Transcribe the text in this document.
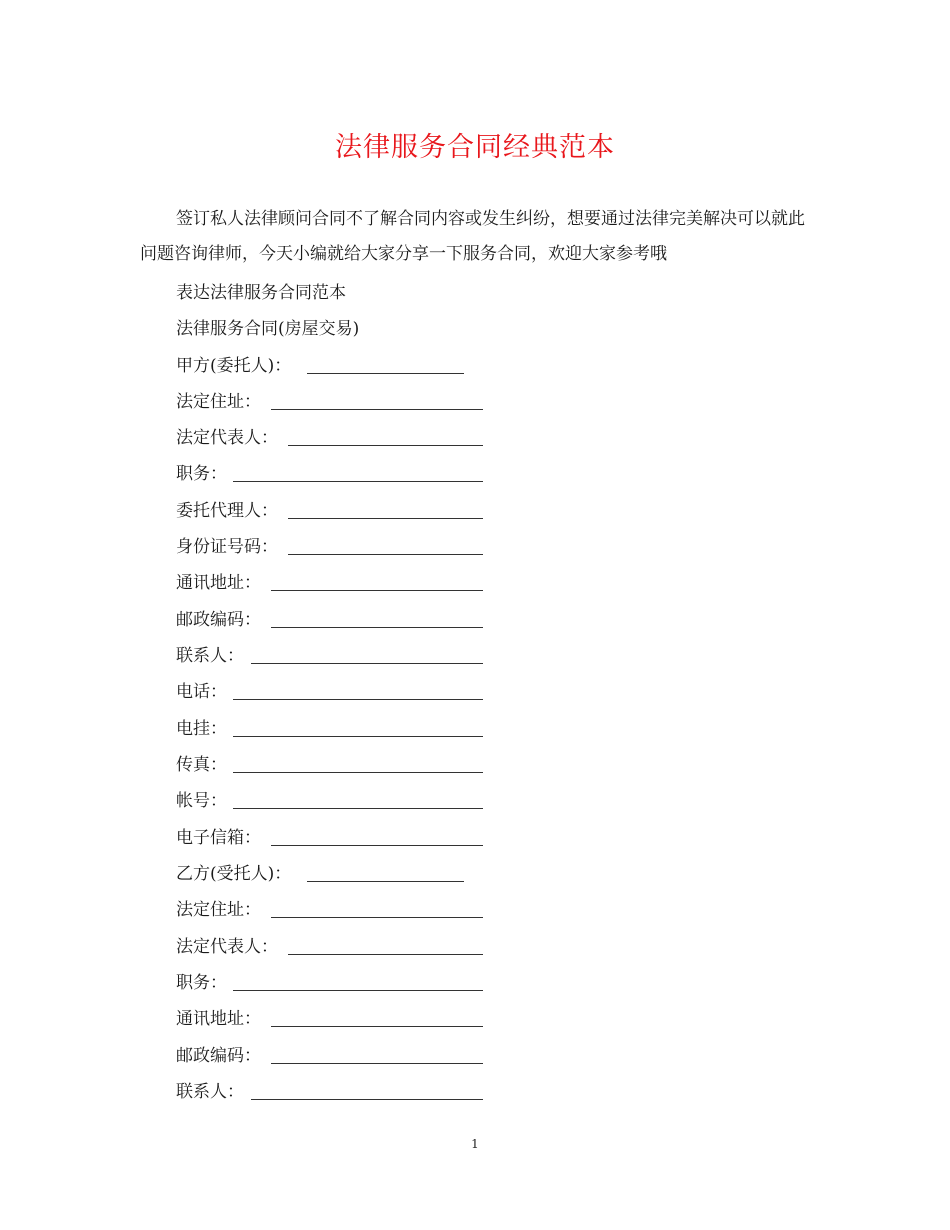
法律服务合同经典范本
签订私人法律顾问合同不了解合同内容或发生纠纷，想要通过法律完美解决可以就此问题咨询律师，今天小编就给大家分享一下服务合同，欢迎大家参考哦
表达法律服务合同范本
法律服务合同(房屋交易)
甲方(委托人)：
法定住址：
法定代表人：
职务：
委托代理人：
身份证号码：
通讯地址：
邮政编码：
联系人：
电话：
电挂：
传真：
帐号：
电子信箱：
乙方(受托人)：
法定住址：
法定代表人：
职务：
通讯地址：
邮政编码：
联系人：
1
